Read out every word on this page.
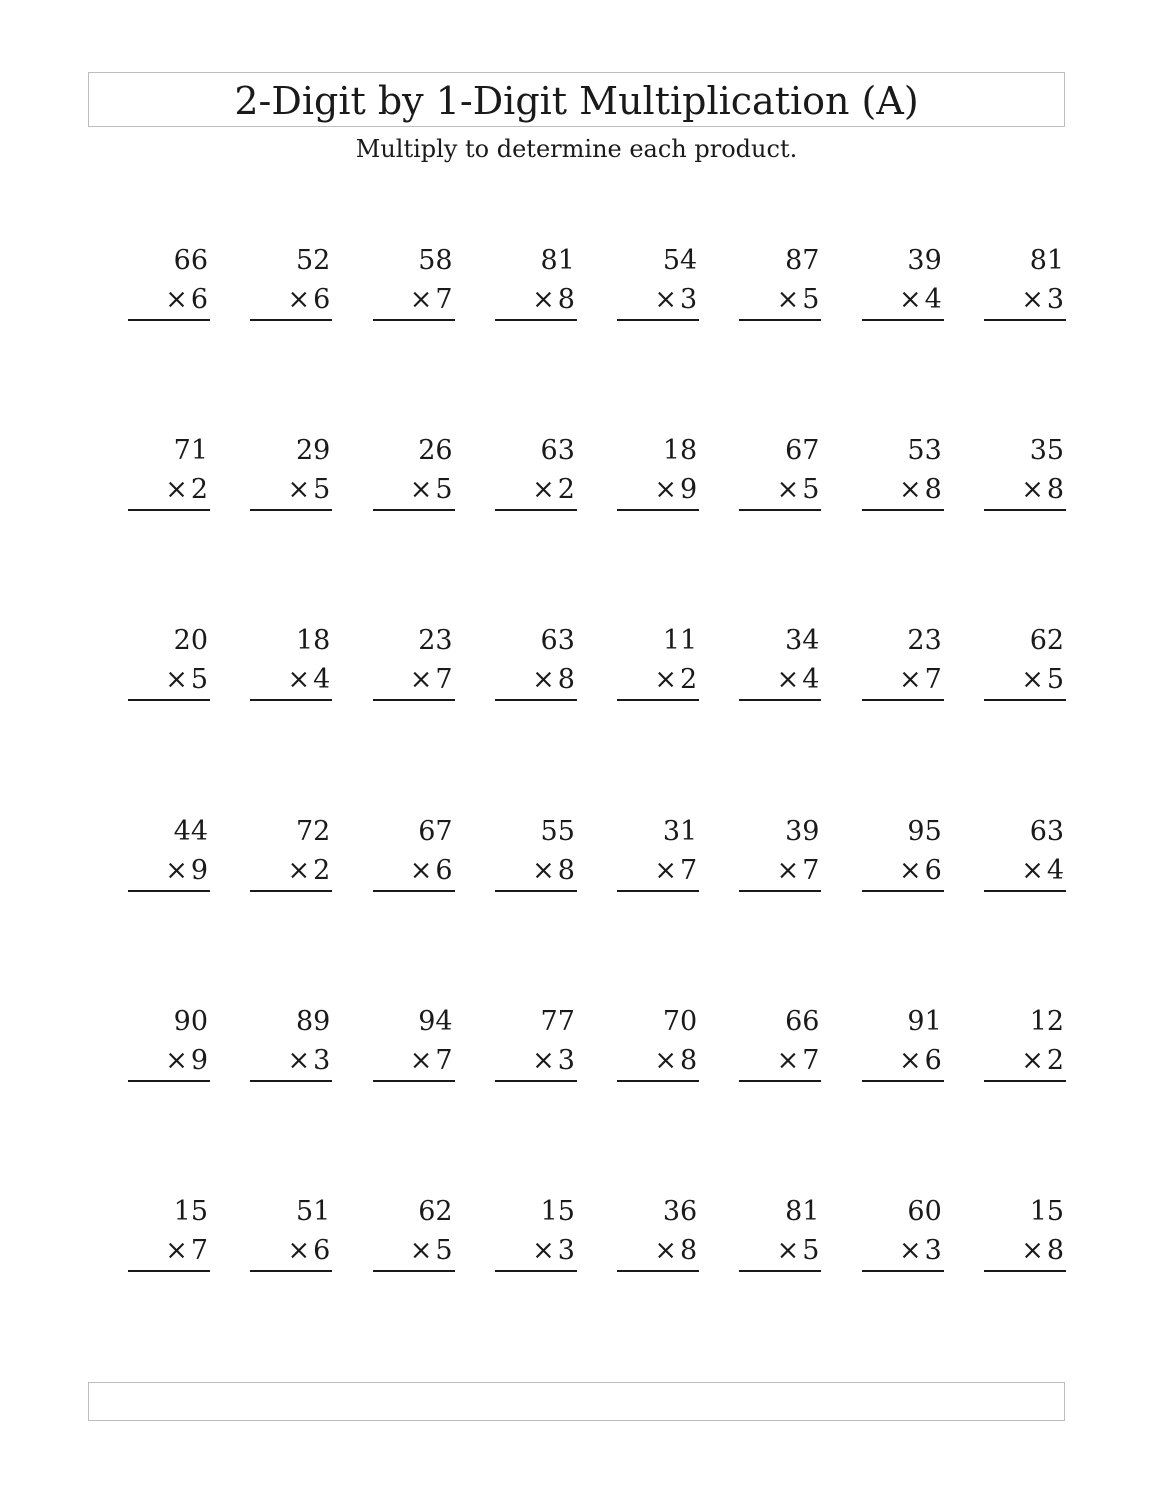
2-Digit by 1-Digit Multiplication (A)
Multiply to determine each product.
66
× 6
52
× 6
58
× 7
81
× 8
54
× 3
87
× 5
39
× 4
81
× 3
71
× 2
29
× 5
26
× 5
63
× 2
18
× 9
67
× 5
53
× 8
35
× 8
20
× 5
18
× 4
23
× 7
63
× 8
11
× 2
34
× 4
23
× 7
62
× 5
44
× 9
72
× 2
67
× 6
55
× 8
31
× 7
39
× 7
95
× 6
63
× 4
90
× 9
89
× 3
94
× 7
77
× 3
70
× 8
66
× 7
91
× 6
12
× 2
15
× 7
51
× 6
62
× 5
15
× 3
36
× 8
81
× 5
60
× 3
15
× 8
